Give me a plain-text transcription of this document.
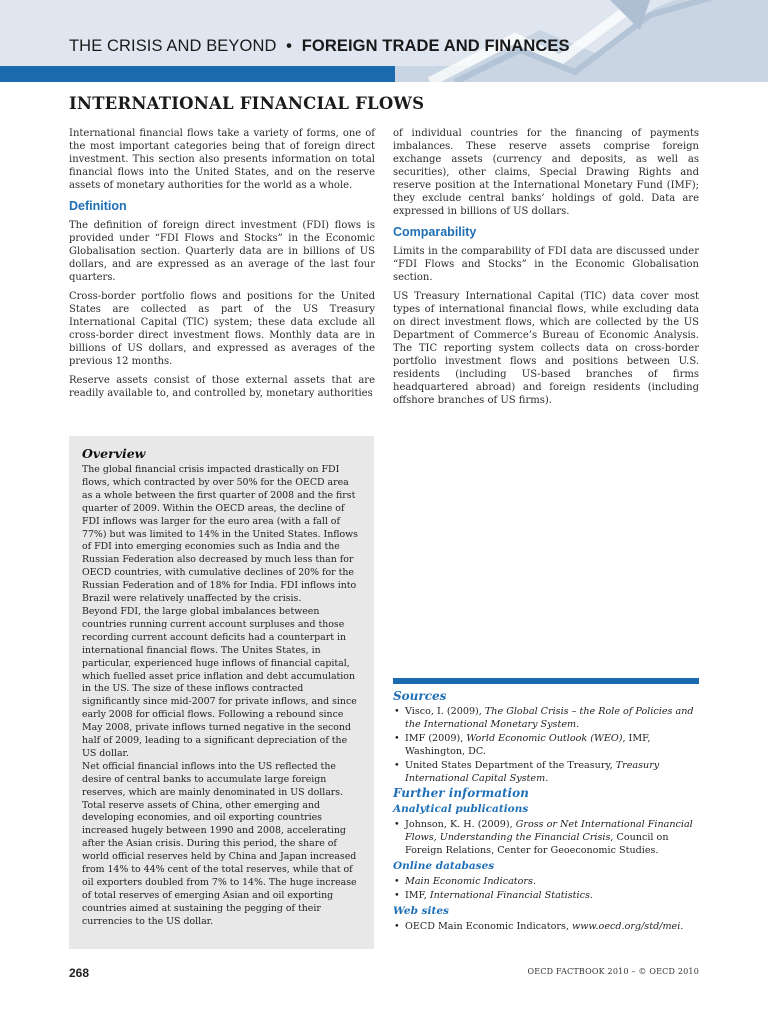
THE CRISIS AND BEYOND • FOREIGN TRADE AND FINANCES
INTERNATIONAL FINANCIAL FLOWS

International financial flows take a variety of forms, one of the most important categories being that of foreign direct investment. This section also presents information on total financial flows into the United States, and on the reserve assets of monetary authorities for the world as a whole.

Definition

The definition of foreign direct investment (FDI) flows is provided under “FDI Flows and Stocks” in the Economic Globalisation section. Quarterly data are in billions of US dollars, and are expressed as an average of the last four quarters.

Cross-border portfolio flows and positions for the United States are collected as part of the US Treasury International Capital (TIC) system; these data exclude all cross-border direct investment flows. Monthly data are in billions of US dollars, and expressed as averages of the previous 12 months.

Reserve assets consist of those external assets that are readily available to, and controlled by, monetary authorities

of individual countries for the financing of payments imbalances. These reserve assets comprise foreign exchange assets (currency and deposits, as well as securities), other claims, Special Drawing Rights and reserve position at the International Monetary Fund (IMF); they exclude central banks’ holdings of gold. Data are expressed in billions of US dollars.

Comparability

Limits in the comparability of FDI data are discussed under “FDI Flows and Stocks” in the Economic Globalisation section.

US Treasury International Capital (TIC) data cover most types of international financial flows, while excluding data on direct investment flows, which are collected by the US Department of Commerce’s Bureau of Economic Analysis. The TIC reporting system collects data on cross-border portfolio investment flows and positions between U.S. residents (including US-based branches of firms headquartered abroad) and foreign residents (including offshore branches of US firms).

Overview

The global financial crisis impacted drastically on FDI flows, which contracted by over 50% for the OECD area as a whole between the first quarter of 2008 and the first quarter of 2009. Within the OECD areas, the decline of FDI inflows was larger for the euro area (with a fall of 77%) but was limited to 14% in the United States. Inflows of FDI into emerging economies such as India and the Russian Federation also decreased by much less than for OECD countries, with cumulative declines of 20% for the Russian Federation and of 18% for India. FDI inflows into Brazil were relatively unaffected by the crisis.

Beyond FDI, the large global imbalances between countries running current account surpluses and those recording current account deficits had a counterpart in international financial flows. The Unites States, in particular, experienced huge inflows of financial capital, which fuelled asset price inflation and debt accumulation in the US. The size of these inflows contracted significantly since mid-2007 for private inflows, and since early 2008 for official flows. Following a rebound since May 2008, private inflows turned negative in the second half of 2009, leading to a significant depreciation of the US dollar.

Net official financial inflows into the US reflected the desire of central banks to accumulate large foreign reserves, which are mainly denominated in US dollars. Total reserve assets of China, other emerging and developing economies, and oil exporting countries increased hugely between 1990 and 2008, accelerating after the Asian crisis. During this period, the share of world official reserves held by China and Japan increased from 14% to 44% cent of the total reserves, while that of oil exporters doubled from 7% to 14%. The huge increase of total reserves of emerging Asian and oil exporting countries aimed at sustaining the pegging of their currencies to the US dollar.

Sources
• Visco, I. (2009), The Global Crisis – the Role of Policies and the International Monetary System.
• IMF (2009), World Economic Outlook (WEO), IMF, Washington, DC.
• United States Department of the Treasury, Treasury International Capital System.
Further information
Analytical publications
• Johnson, K. H. (2009), Gross or Net International Financial Flows, Understanding the Financial Crisis, Council on Foreign Relations, Center for Geoeconomic Studies.
Online databases
• Main Economic Indicators.
• IMF, International Financial Statistics.
Web sites
• OECD Main Economic Indicators, www.oecd.org/std/mei.
268	OECD FACTBOOK 2010 – © OECD 2010
